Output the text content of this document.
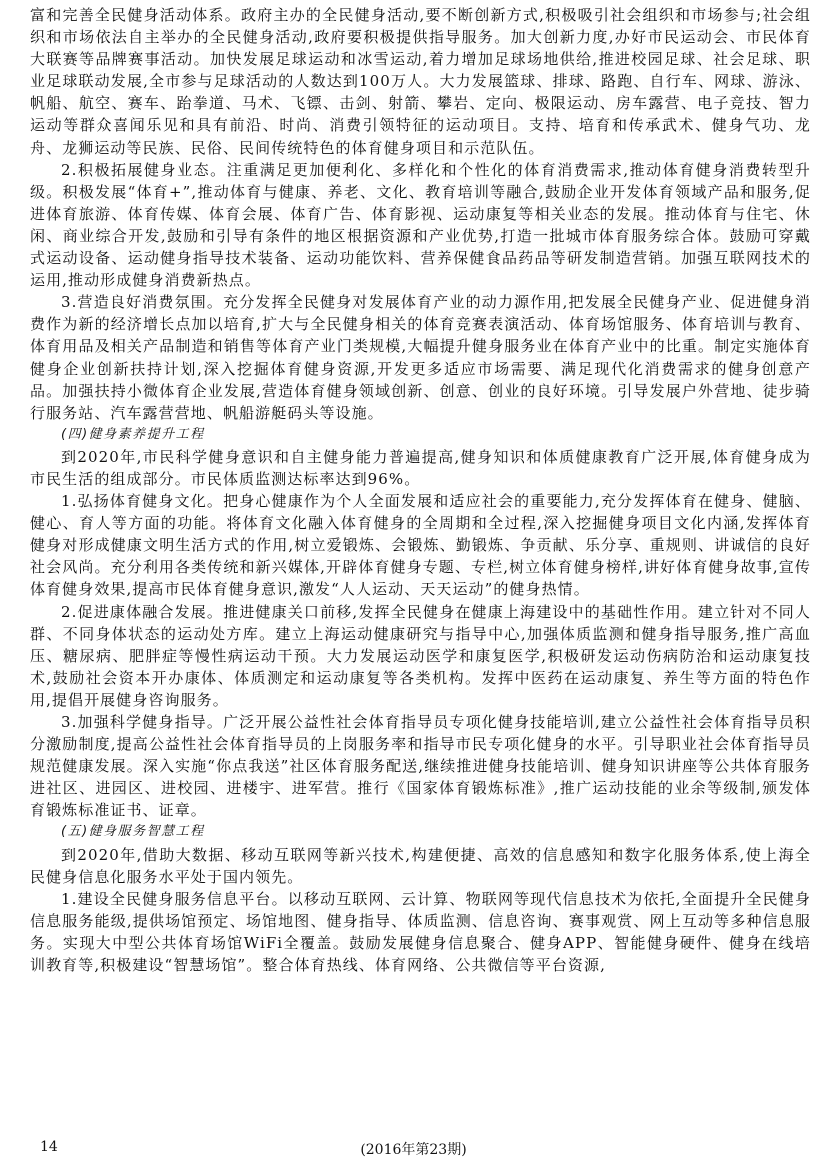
富和完善全民健身活动体系。政府主办的全民健身活动,要不断创新方式,积极吸引社会组织和市场参与;社会组织和市场依法自主举办的全民健身活动,政府要积极提供指导服务。加大创新力度,办好市民运动会、市民体育大联赛等品牌赛事活动。加快发展足球运动和冰雪运动,着力增加足球场地供给,推进校园足球、社会足球、职业足球联动发展,全市参与足球活动的人数达到100万人。大力发展篮球、排球、路跑、自行车、网球、游泳、帆船、航空、赛车、跆拳道、马术、飞镖、击剑、射箭、攀岩、定向、极限运动、房车露营、电子竞技、智力运动等群众喜闻乐见和具有前沿、时尚、消费引领特征的运动项目。支持、培育和传承武术、健身气功、龙舟、龙狮运动等民族、民俗、民间传统特色的体育健身项目和示范队伍。

2.积极拓展健身业态。注重满足更加便利化、多样化和个性化的体育消费需求,推动体育健身消费转型升级。积极发展“体育+”,推动体育与健康、养老、文化、教育培训等融合,鼓励企业开发体育领域产品和服务,促进体育旅游、体育传媒、体育会展、体育广告、体育影视、运动康复等相关业态的发展。推动体育与住宅、休闲、商业综合开发,鼓励和引导有条件的地区根据资源和产业优势,打造一批城市体育服务综合体。鼓励可穿戴式运动设备、运动健身指导技术装备、运动功能饮料、营养保健食品药品等研发制造营销。加强互联网技术的运用,推动形成健身消费新热点。

3.营造良好消费氛围。充分发挥全民健身对发展体育产业的动力源作用,把发展全民健身产业、促进健身消费作为新的经济增长点加以培育,扩大与全民健身相关的体育竞赛表演活动、体育场馆服务、体育培训与教育、体育用品及相关产品制造和销售等体育产业门类规模,大幅提升健身服务业在体育产业中的比重。制定实施体育健身企业创新扶持计划,深入挖掘体育健身资源,开发更多适应市场需要、满足现代化消费需求的健身创意产品。加强扶持小微体育企业发展,营造体育健身领域创新、创意、创业的良好环境。引导发展户外营地、徒步骑行服务站、汽车露营营地、帆船游艇码头等设施。

(四)健身素养提升工程

到2020年,市民科学健身意识和自主健身能力普遍提高,健身知识和体质健康教育广泛开展,体育健身成为市民生活的组成部分。市民体质监测达标率达到96%。

1.弘扬体育健身文化。把身心健康作为个人全面发展和适应社会的重要能力,充分发挥体育在健身、健脑、健心、育人等方面的功能。将体育文化融入体育健身的全周期和全过程,深入挖掘健身项目文化内涵,发挥体育健身对形成健康文明生活方式的作用,树立爱锻炼、会锻炼、勤锻炼、争贡献、乐分享、重规则、讲诚信的良好社会风尚。充分利用各类传统和新兴媒体,开辟体育健身专题、专栏,树立体育健身榜样,讲好体育健身故事,宣传体育健身效果,提高市民体育健身意识,激发“人人运动、天天运动”的健身热情。

2.促进康体融合发展。推进健康关口前移,发挥全民健身在健康上海建设中的基础性作用。建立针对不同人群、不同身体状态的运动处方库。建立上海运动健康研究与指导中心,加强体质监测和健身指导服务,推广高血压、糖尿病、肥胖症等慢性病运动干预。大力发展运动医学和康复医学,积极研发运动伤病防治和运动康复技术,鼓励社会资本开办康体、体质测定和运动康复等各类机构。发挥中医药在运动康复、养生等方面的特色作用,提倡开展健身咨询服务。

3.加强科学健身指导。广泛开展公益性社会体育指导员专项化健身技能培训,建立公益性社会体育指导员积分激励制度,提高公益性社会体育指导员的上岗服务率和指导市民专项化健身的水平。引导职业社会体育指导员规范健康发展。深入实施“你点我送”社区体育服务配送,继续推进健身技能培训、健身知识讲座等公共体育服务进社区、进园区、进校园、进楼宇、进军营。推行《国家体育锻炼标准》,推广运动技能的业余等级制,颁发体育锻炼标准证书、证章。

(五)健身服务智慧工程

到2020年,借助大数据、移动互联网等新兴技术,构建便捷、高效的信息感知和数字化服务体系,使上海全民健身信息化服务水平处于国内领先。

1.建设全民健身服务信息平台。以移动互联网、云计算、物联网等现代信息技术为依托,全面提升全民健身信息服务能级,提供场馆预定、场馆地图、健身指导、体质监测、信息咨询、赛事观赏、网上互动等多种信息服务。实现大中型公共体育场馆WiFi全覆盖。鼓励发展健身信息聚合、健身APP、智能健身硬件、健身在线培训教育等,积极建设“智慧场馆”。整合体育热线、体育网络、公共微信等平台资源,

14	(2016年第23期)
